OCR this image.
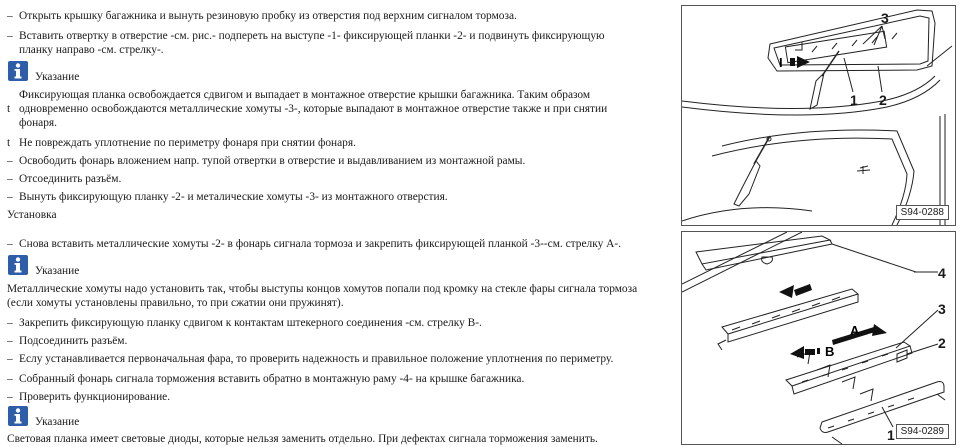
– Открыть крышку багажника и вынуть резиновую пробку из отверстия под верхним сигналом тормоза.
– Вставить отвертку в отверстие -см. рис.- подпереть на выступе -1- фиксирующей планки -2- и подвинуть фиксирующую
планку направо -см. стрелку-.
Указание
Фиксирующая планка освобождается сдвигом и выпадает в монтажное отверстие крышки багажника. Таким образом
t одновременно освобождаются металлические хомуты -3-, которые выпадают в монтажное отверстие также и при снятии
фонаря.
t Не повреждать уплотнение по периметру фонаря при снятии фонаря.
– Освободить фонарь вложением напр. тупой отвертки в отверстие и выдавливанием из монтажной рамы.
– Отсоединить разъём.
– Вынуть фиксирующую планку -2- и металические хомуты -3- из монтажного отверстия.
Установка
– Снова вставить металлические хомуты -2- в фонарь сигнала тормоза и закрепить фиксирующей планкой -3--см. стрелку А-.
Указание
Металлические хомуты надо установить так, чтобы выступы концов хомутов попали под кромку на стекле фары сигнала тормоза
(если хомуты установлены правильно, то при сжатии они пружинят).
– Закрепить фиксирующую планку сдвигом к контактам штекерного соединения -см. стрелку В-.
– Подсоединить разъём.
– Еслу устанавливается первоначальная фара, то проверить надежность и правильное положение уплотнения по периметру.
– Собранный фонарь сигнала торможения вставить обратно в монтажную раму -4- на крышке багажника.
– Проверить функционирование.
Указание
Световая планка имеет световые диоды, которые нельзя заменить отдельно. При дефектах сигнала торможения заменить.
I
3
1 2
S94-0288
A
B
4
3
2
1 S94-0289
